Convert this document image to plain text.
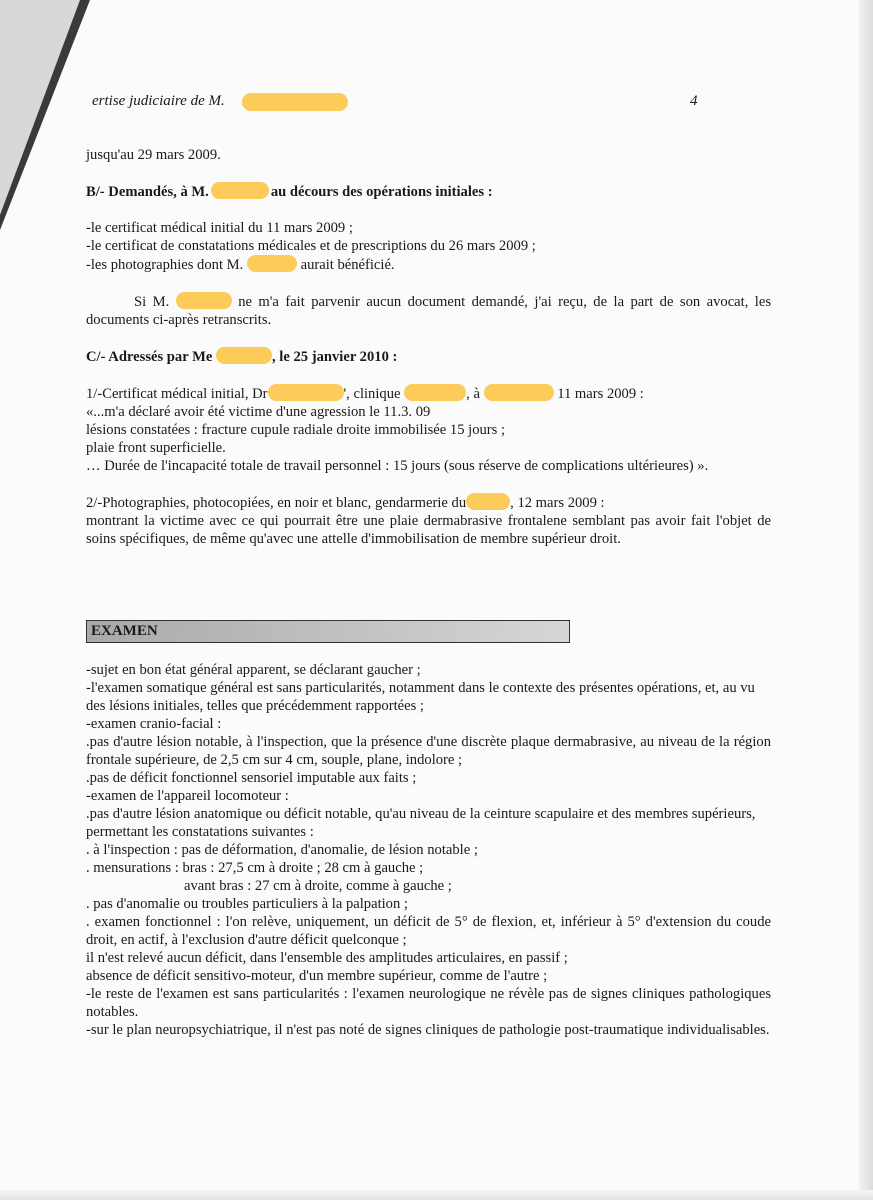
ertise judiciaire de M.	4

jusqu'au 29 mars 2009.

B/- Demandés, à M.	au décours des opérations initiales :

-le certificat médical initial du 11 mars 2009 ;

-le certificat de constatations médicales et de prescriptions du 26 mars 2009 ;

-les photographies dont M.	aurait bénéficié.

Si M.	ne m'a fait parvenir aucun document demandé, j'ai reçu, de la part de son avocat, les documents ci-après retranscrits.

C/- Adressés par Me	, le 25 janvier 2010 :

1/-Certificat médical initial, Dr	', clinique	, à	11 mars 2009 :

«...m'a déclaré avoir été victime d'une agression le 11.3. 09

lésions constatées : fracture cupule radiale droite immobilisée 15 jours ;

plaie front superficielle.

… Durée de l'incapacité totale de travail personnel : 15 jours (sous réserve de complications ultérieures) ».

2/-Photographies, photocopiées, en noir et blanc, gendarmerie du	, 12 mars 2009 :

montrant la victime avec ce qui pourrait être une plaie dermabrasive frontalene semblant pas avoir fait l'objet de soins spécifiques, de même qu'avec une attelle d'immobilisation de membre supérieur droit.

EXAMEN

-sujet en bon état général apparent, se déclarant gaucher ;

-l'examen somatique général est sans particularités, notamment dans le contexte des présentes opérations, et, au vu des lésions initiales, telles que précédemment rapportées ;

-examen cranio-facial :

.pas d'autre lésion notable, à l'inspection, que la présence d'une discrète plaque dermabrasive, au niveau de la région frontale supérieure, de 2,5 cm sur 4 cm, souple, plane, indolore ;

.pas de déficit fonctionnel sensoriel imputable aux faits ;

-examen de l'appareil locomoteur :

.pas d'autre lésion anatomique ou déficit notable, qu'au niveau de la ceinture scapulaire et des membres supérieurs, permettant les constatations suivantes :

. à l'inspection : pas de déformation, d'anomalie, de lésion notable ;

. mensurations : bras : 27,5 cm à droite ; 28 cm à gauche ;

avant bras : 27 cm à droite, comme à gauche ;

. pas d'anomalie ou troubles particuliers à la palpation ;

. examen fonctionnel : l'on relève, uniquement, un déficit de 5° de flexion, et, inférieur à 5° d'extension du coude droit, en actif, à l'exclusion d'autre déficit quelconque ;

il n'est relevé aucun déficit, dans l'ensemble des amplitudes articulaires, en passif ;

absence de déficit sensitivo-moteur, d'un membre supérieur, comme de l'autre ;

-le reste de l'examen est sans particularités : l'examen neurologique ne révèle pas de signes cliniques pathologiques notables.

-sur le plan neuropsychiatrique, il n'est pas noté de signes cliniques de pathologie post-traumatique individualisables.
